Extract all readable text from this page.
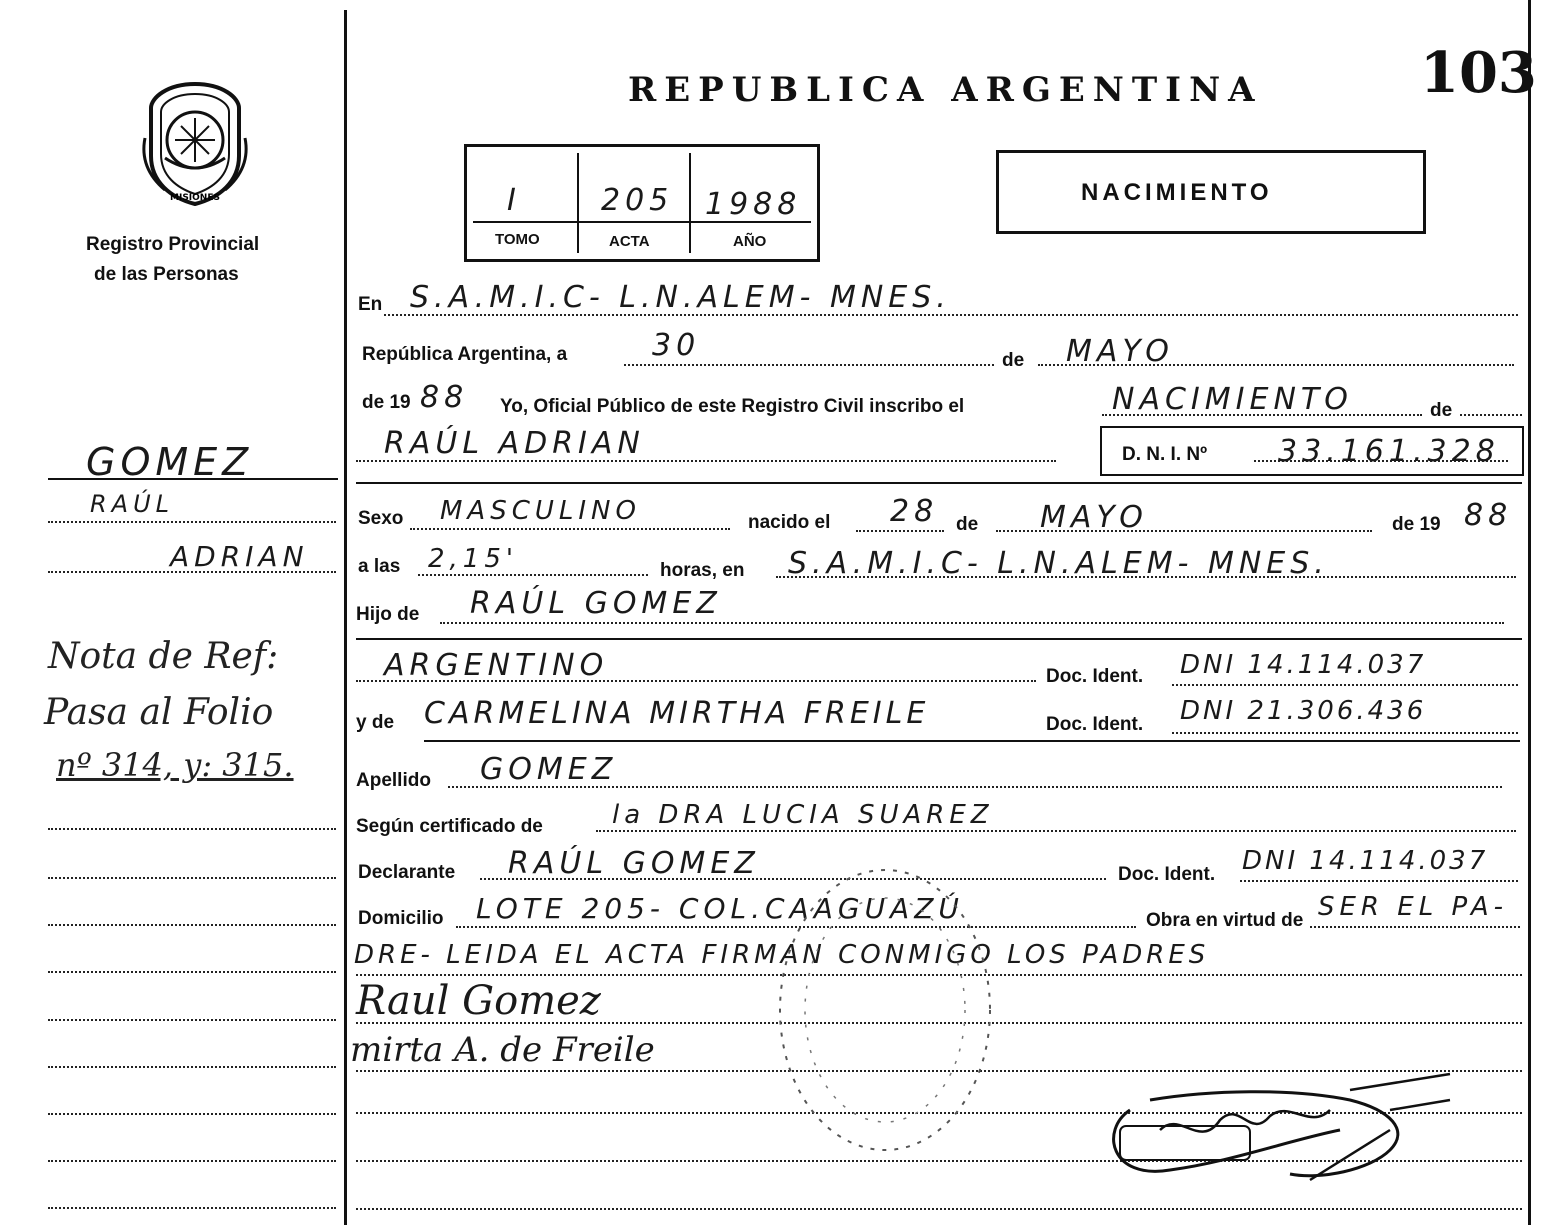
MISIONES
Registro Provincial
de las Personas
REPUBLICA ARGENTINA	103
I	205 1988
TOMO	ACTA	AÑO
NACIMIENTO
GOMEZ
RAÚL
ADRIAN
Nota de Ref:
Pasa al Folio
nº 314, y: 315.
En S.A.M.I.C- L.N.ALEM- MNES.
República Argentina, a	30	de MAYO
de 19 88 Yo, Oficial Público de este Registro Civil inscribo el	NACIMIENTO	de
RAÚL ADRIAN	D. N. I. Nº 33.161.328
Sexo MASCULINO	nacido el 28 de MAYO	de 19 88
a las 2,15'	horas, en S.A.M.I.C- L.N.ALEM- MNES.
Hijo de RAÚL GOMEZ
ARGENTINO	Doc. Ident. DNI 14.114.037
y de CARMELINA MIRTHA FREILE	Doc. Ident. DNI 21.306.436
Apellido GOMEZ
Según certificado de	la DRA LUCIA SUAREZ
Declarante RAÚL GOMEZ	Doc. Ident. DNI 14.114.037
Domicilio LOTE 205- COL.CAAGUAZÚ	Obra en virtud de SER EL PA-
DRE- LEIDA EL ACTA FIRMAN CONMIGO LOS PADRES
Raul Gomez
mirta A. de Freile
